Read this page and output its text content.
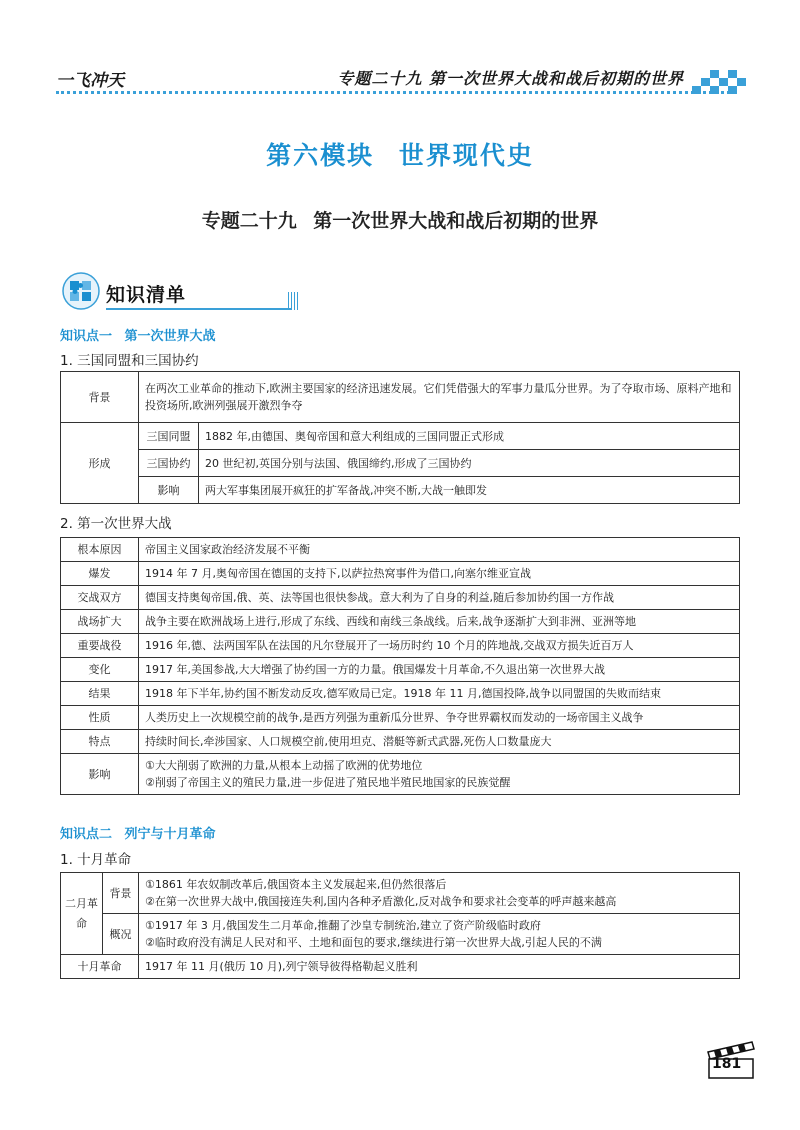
一飞冲天	专题二十九 第一次世界大战和战后初期的世界
第六模块 世界现代史
专题二十九 第一次世界大战和战后初期的世界
知识清单
知识点一 第一次世界大战
1. 三国同盟和三国协约
背景	在两次工业革命的推动下,欧洲主要国家的经济迅速发展。它们凭借强大的军事力量瓜分世界。为了夺取市场、原料产地和投资场所,欧洲列强展开激烈争夺	
形成	三国同盟	1882 年,由德国、奥匈帝国和意大利组成的三国同盟正式形成
	三国协约	20 世纪初,英国分别与法国、俄国缔约,形成了三国协约
	影响	两大军事集团展开疯狂的扩军备战,冲突不断,大战一触即发
2. 第一次世界大战
根本原因	帝国主义国家政治经济发展不平衡
爆发	1914 年 7 月,奥匈帝国在德国的支持下,以萨拉热窝事件为借口,向塞尔维亚宣战
交战双方	德国支持奥匈帝国,俄、英、法等国也很快参战。意大利为了自身的利益,随后参加协约国一方作战
战场扩大	战争主要在欧洲战场上进行,形成了东线、西线和南线三条战线。后来,战争逐渐扩大到非洲、亚洲等地
重要战役	1916 年,德、法两国军队在法国的凡尔登展开了一场历时约 10 个月的阵地战,交战双方损失近百万人
变化	1917 年,美国参战,大大增强了协约国一方的力量。俄国爆发十月革命,不久退出第一次世界大战
结果	1918 年下半年,协约国不断发动反攻,德军败局已定。1918 年 11 月,德国投降,战争以同盟国的失败而结束
性质	人类历史上一次规模空前的战争,是西方列强为重新瓜分世界、争夺世界霸权而发动的一场帝国主义战争
特点	持续时间长,牵涉国家、人口规模空前,使用坦克、潜艇等新式武器,死伤人口数量庞大
影响	①大大削弱了欧洲的力量,从根本上动摇了欧洲的优势地位
②削弱了帝国主义的殖民力量,进一步促进了殖民地半殖民地国家的民族觉醒
知识点二 列宁与十月革命
1. 十月革命
二月革命	背景	①1861 年农奴制改革后,俄国资本主义发展起来,但仍然很落后
②在第一次世界大战中,俄国接连失利,国内各种矛盾激化,反对战争和要求社会变革的呼声越来越高

	概况	①1917 年 3 月,俄国发生二月革命,推翻了沙皇专制统治,建立了资产阶级临时政府
②临时政府没有满足人民对和平、土地和面包的要求,继续进行第一次世界大战,引起人民的不满

十月革命		1917 年 11 月(俄历 10 月),列宁领导彼得格勒起义胜利
181
